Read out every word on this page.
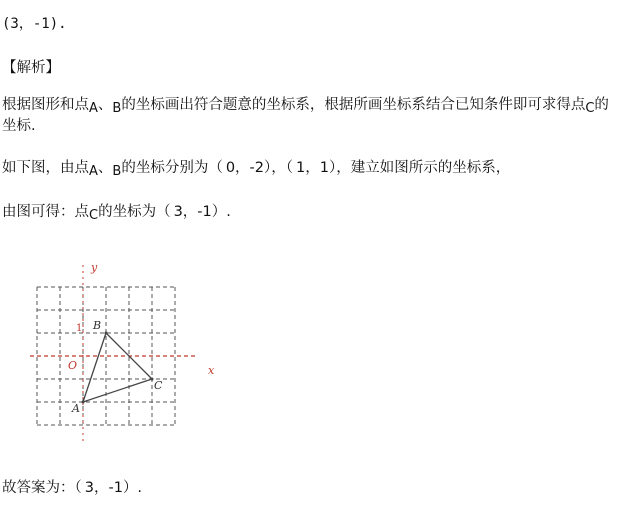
(3，-1).
【解析】
根据图形和点A、B的坐标画出符合题意的坐标系，根据所画坐标系结合已知条件即可求得点C的
坐标.
如下图，由点A、B的坐标分别为（ 0，-2），（ 1，1），建立如图所示的坐标系，
由图可得：点C的坐标为（ 3，-1）.
y
x
O
1
A
B
C
故答案为：（ 3，-1）.
